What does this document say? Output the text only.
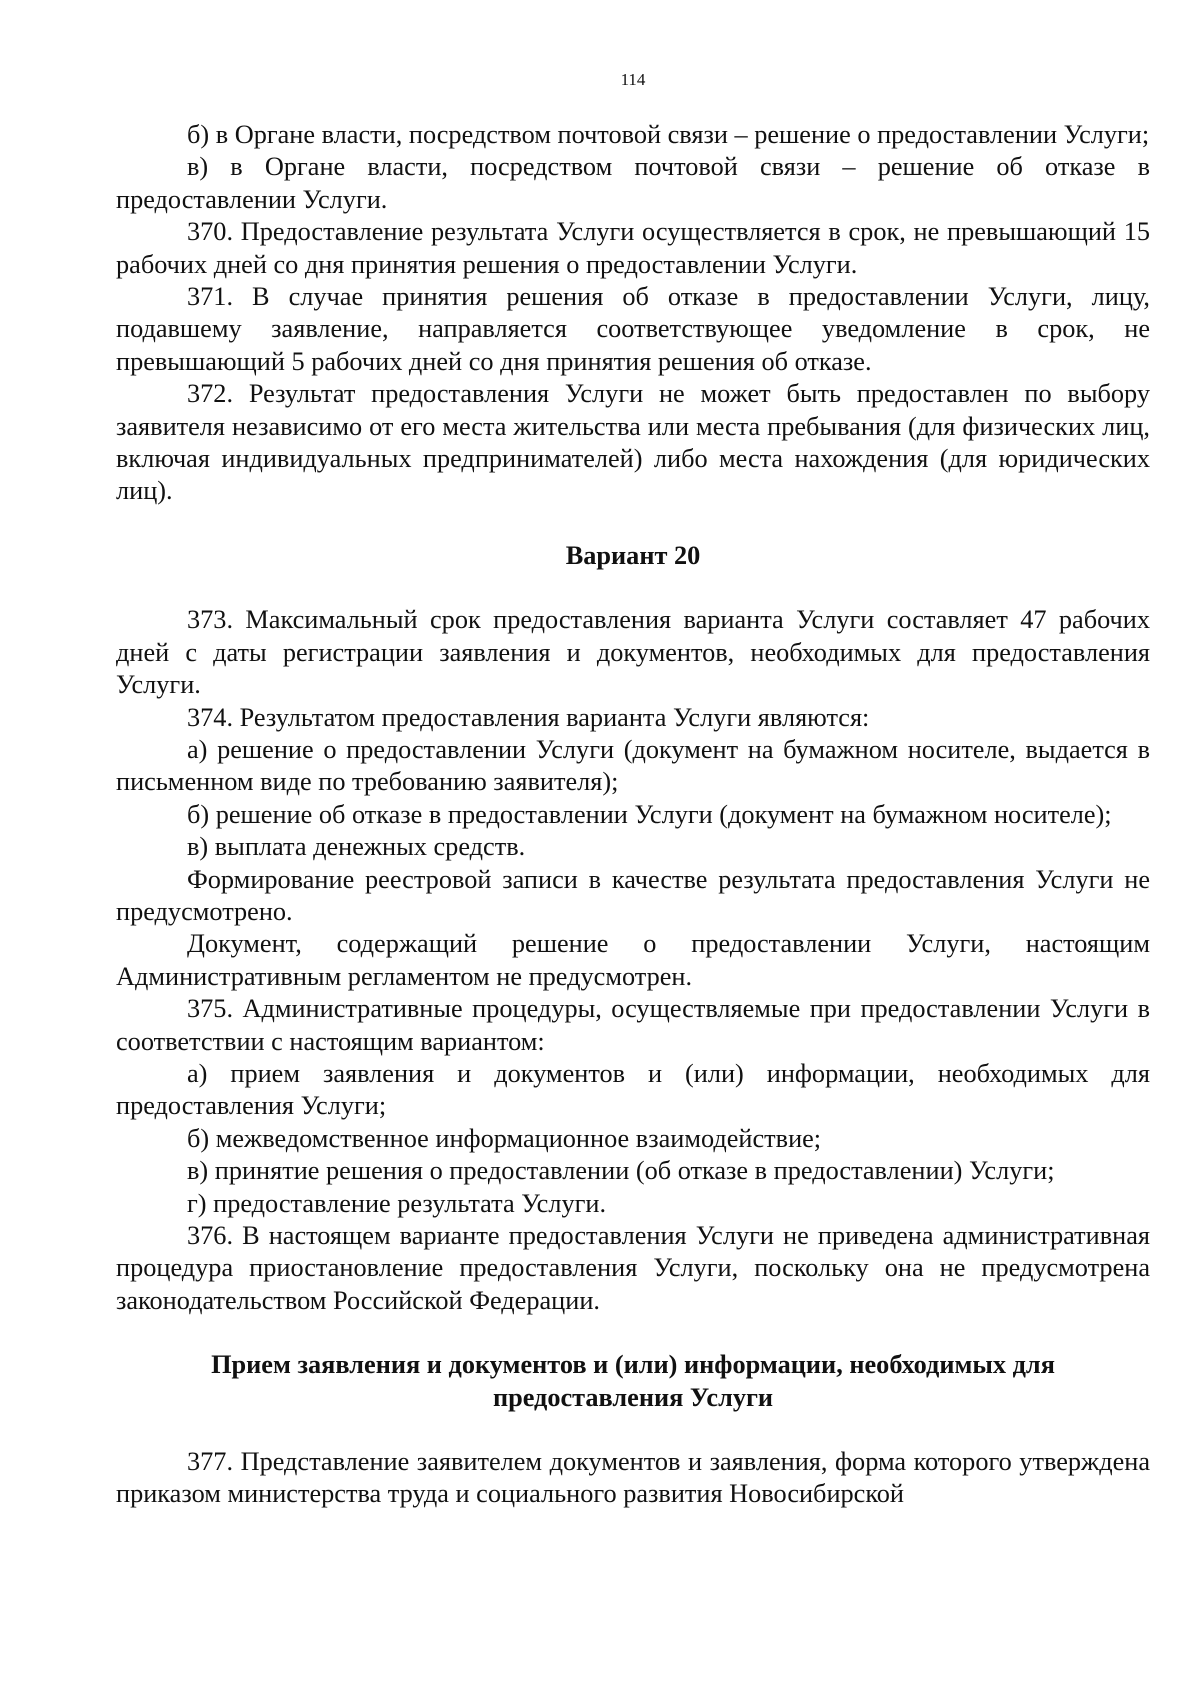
114

б) в Органе власти, посредством почтовой связи – решение о предоставлении Услуги;

в) в Органе власти, посредством почтовой связи – решение об отказе в предоставлении Услуги.

370. Предоставление результата Услуги осуществляется в срок, не превышающий 15 рабочих дней со дня принятия решения о предоставлении Услуги.

371. В случае принятия решения об отказе в предоставлении Услуги, лицу, подавшему заявление, направляется соответствующее уведомление в срок, не превышающий 5 рабочих дней со дня принятия решения об отказе.

372. Результат предоставления Услуги не может быть предоставлен по выбору заявителя независимо от его места жительства или места пребывания (для физических лиц, включая индивидуальных предпринимателей) либо места нахождения (для юридических лиц).

Вариант 20

373. Максимальный срок предоставления варианта Услуги составляет 47 рабочих дней с даты регистрации заявления и документов, необходимых для предоставления Услуги.

374. Результатом предоставления варианта Услуги являются:

а) решение о предоставлении Услуги (документ на бумажном носителе, выдается в письменном виде по требованию заявителя);

б) решение об отказе в предоставлении Услуги (документ на бумажном носителе);

в) выплата денежных средств.

Формирование реестровой записи в качестве результата предоставления Услуги не предусмотрено.

Документ, содержащий решение о предоставлении Услуги, настоящим Административным регламентом не предусмотрен.

375. Административные процедуры, осуществляемые при предоставлении Услуги в соответствии с настоящим вариантом:

а) прием заявления и документов и (или) информации, необходимых для предоставления Услуги;

б) межведомственное информационное взаимодействие;

в) принятие решения о предоставлении (об отказе в предоставлении) Услуги;

г) предоставление результата Услуги.

376. В настоящем варианте предоставления Услуги не приведена административная процедура приостановление предоставления Услуги, поскольку она не предусмотрена законодательством Российской Федерации.

Прием заявления и документов и (или) информации, необходимых для
предоставления Услуги

377. Представление заявителем документов и заявления, форма которого утверждена приказом министерства труда и социального развития Новосибирской
